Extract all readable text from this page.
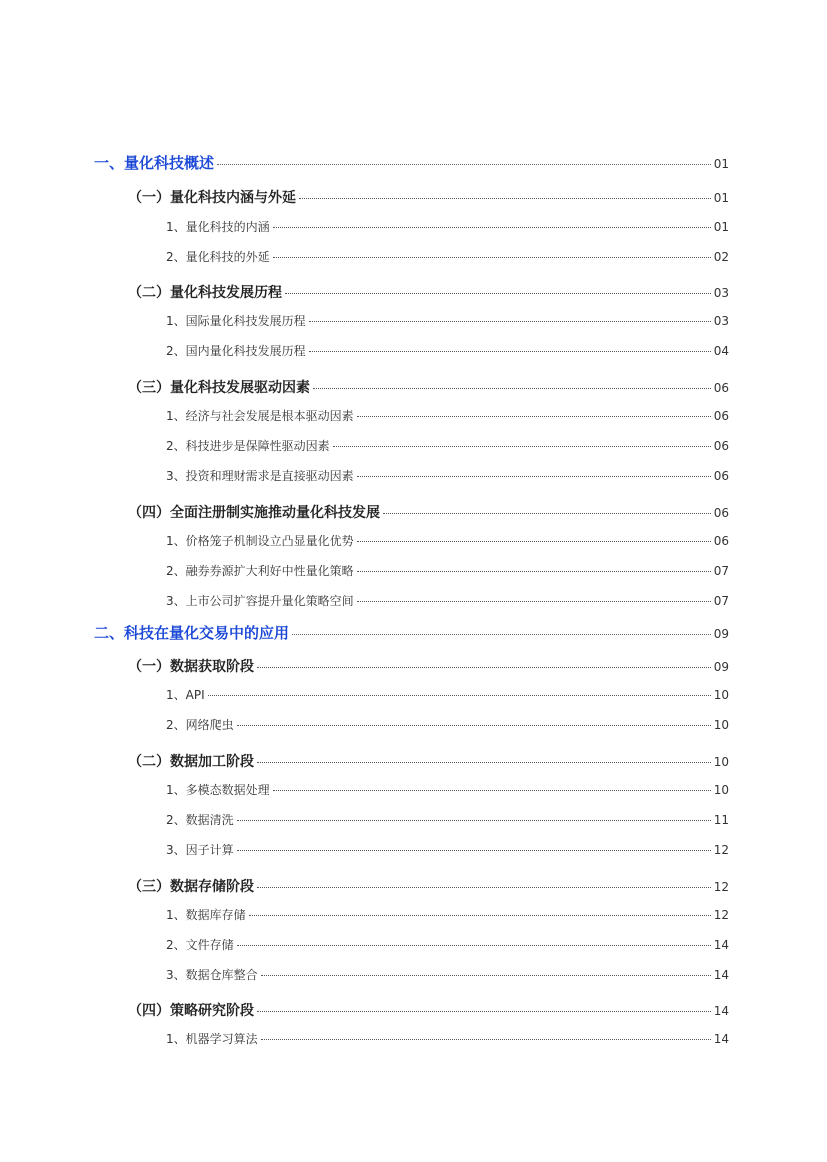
一、量化科技概述	01
（一）量化科技内涵与外延	01
1、量化科技的内涵	01
2、量化科技的外延	02
（二）量化科技发展历程	03
1、国际量化科技发展历程	03
2、国内量化科技发展历程	04
（三）量化科技发展驱动因素	06
1、经济与社会发展是根本驱动因素	06
2、科技进步是保障性驱动因素	06
3、投资和理财需求是直接驱动因素	06
（四）全面注册制实施推动量化科技发展	06
1、价格笼子机制设立凸显量化优势	06
2、融券券源扩大利好中性量化策略	07
3、上市公司扩容提升量化策略空间	07
二、科技在量化交易中的应用	09
（一）数据获取阶段	09
1、API	10
2、网络爬虫	10
（二）数据加工阶段	10
1、多模态数据处理	10
2、数据清洗	11
3、因子计算	12
（三）数据存储阶段	12
1、数据库存储	12
2、文件存储	14
3、数据仓库整合	14
（四）策略研究阶段	14
1、机器学习算法	14
